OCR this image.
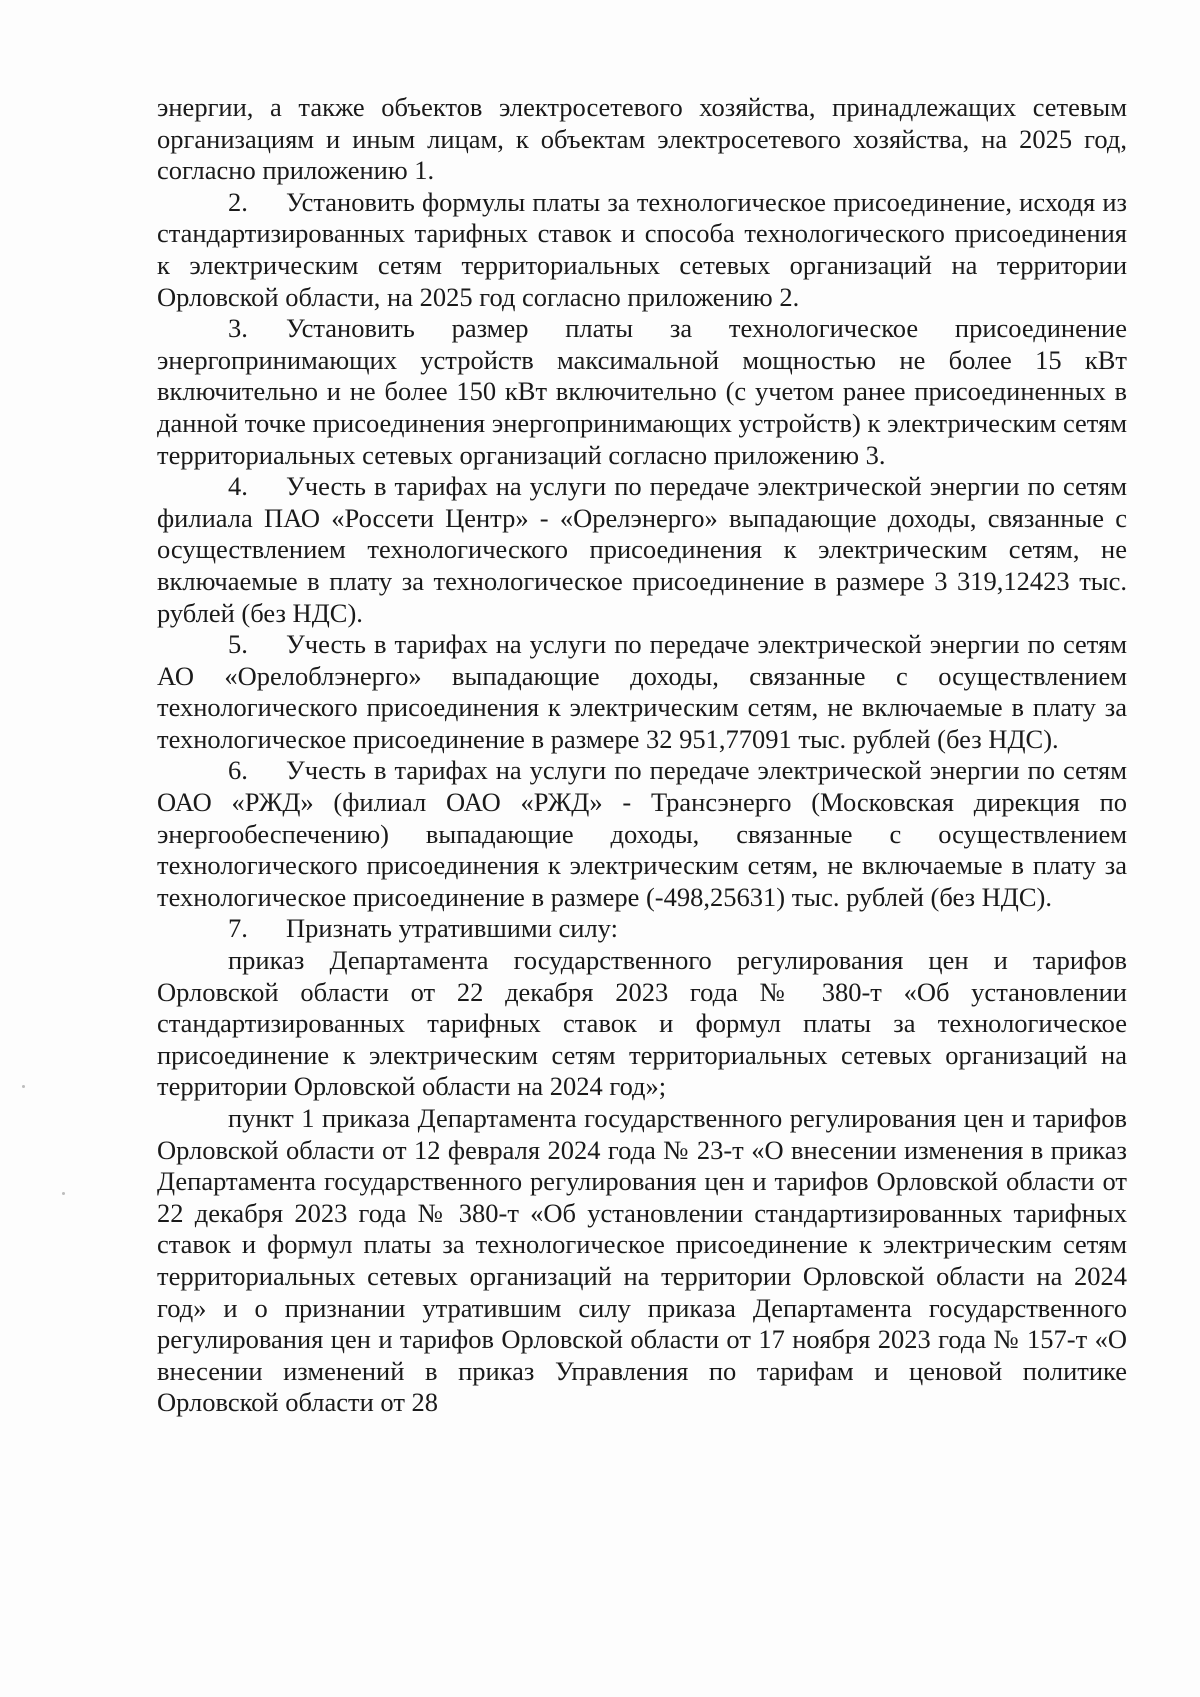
энергии, а также объектов электросетевого хозяйства, принадлежащих сетевым организациям и иным лицам, к объектам электросетевого хозяйства, на 2025 год, согласно приложению 1.

2. Установить формулы платы за технологическое присоединение, исходя из стандартизированных тарифных ставок и способа технологического присоединения к электрическим сетям территориальных сетевых организаций на территории Орловской области, на 2025 год согласно приложению 2.

3. Установить размер платы за технологическое присоединение энергопринимающих устройств максимальной мощностью не более 15 кВт включительно и не более 150 кВт включительно (с учетом ранее присоединенных в данной точке присоединения энергопринимающих устройств) к электрическим сетям территориальных сетевых организаций согласно приложению 3.

4. Учесть в тарифах на услуги по передаче электрической энергии по сетям филиала ПАО «Россети Центр» - «Орелэнерго» выпадающие доходы, связанные с осуществлением технологического присоединения к электрическим сетям, не включаемые в плату за технологическое присоединение в размере 3 319,12423 тыс. рублей (без НДС).

5. Учесть в тарифах на услуги по передаче электрической энергии по сетям АО «Орелоблэнерго» выпадающие доходы, связанные с осуществлением технологического присоединения к электрическим сетям, не включаемые в плату за технологическое присоединение в размере 32 951,77091 тыс. рублей (без НДС).

6. Учесть в тарифах на услуги по передаче электрической энергии по сетям ОАО «РЖД» (филиал ОАО «РЖД» - Трансэнерго (Московская дирекция по энергообеспечению) выпадающие доходы, связанные с осуществлением технологического присоединения к электрическим сетям, не включаемые в плату за технологическое присоединение в размере (-498,25631) тыс. рублей (без НДС).

7. Признать утратившими силу:

приказ Департамента государственного регулирования цен и тарифов Орловской области от 22 декабря 2023 года № 380-т «Об установлении стандартизированных тарифных ставок и формул платы за технологическое присоединение к электрическим сетям территориальных сетевых организаций на территории Орловской области на 2024 год»;

пункт 1 приказа Департамента государственного регулирования цен и тарифов Орловской области от 12 февраля 2024 года № 23-т «О внесении изменения в приказ Департамента государственного регулирования цен и тарифов Орловской области от 22 декабря 2023 года № 380-т «Об установлении стандартизированных тарифных ставок и формул платы за технологическое присоединение к электрическим сетям территориальных сетевых организаций на территории Орловской области на 2024 год» и о признании утратившим силу приказа Департамента государственного регулирования цен и тарифов Орловской области от 17 ноября 2023 года № 157-т «О внесении изменений в приказ Управления по тарифам и ценовой политике Орловской области от 28
